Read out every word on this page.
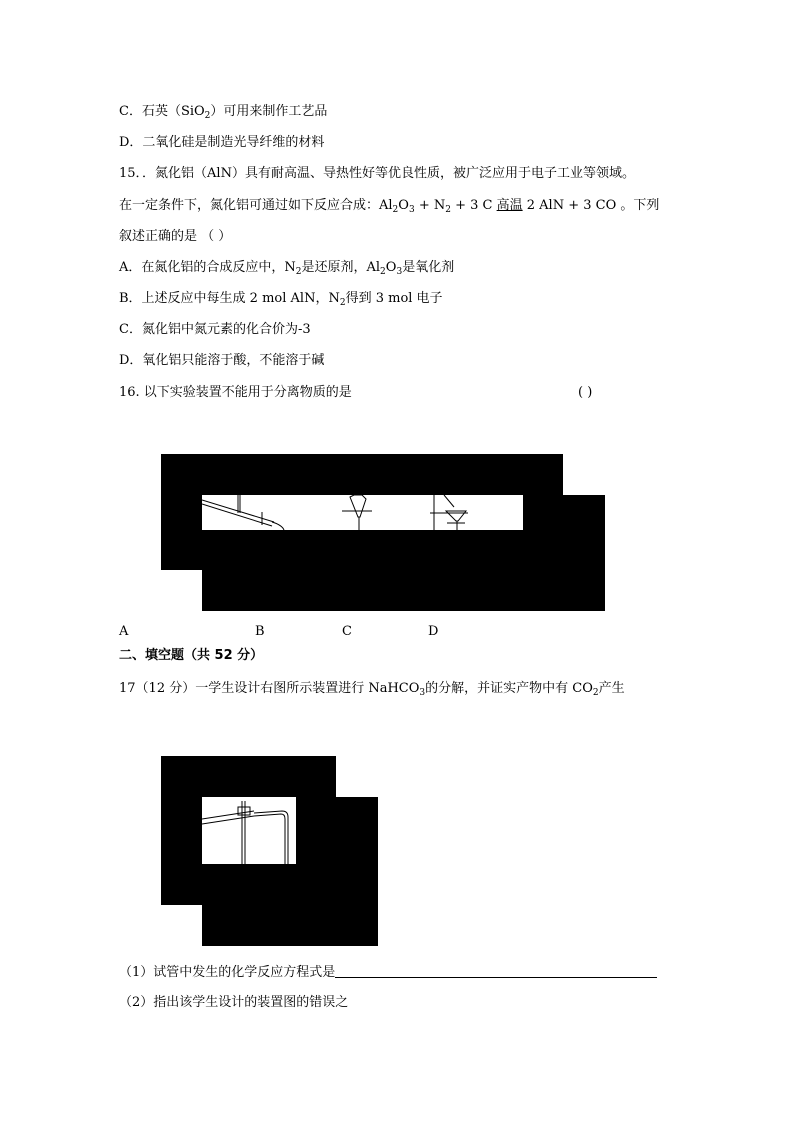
C．石英（SiO$_2$）可用来制作工艺品
D．二氧化硅是制造光导纤维的材料
15．．氮化铝（AlN）具有耐高温、导热性好等优良性质，被广泛应用于电子工业等领域。
在一定条件下，氮化铝可通过如下反应合成：$Al_2O_3 + N_2 + 3$ C 高温 2 AlN + 3 CO 。下列
叙述正确的是 （ ）
A．在氮化铝的合成反应中，$N_2$是还原剂，$Al_2O_3$是氧化剂
B．上述反应中每生成 2 mol AlN，$N_2$得到 3 mol 电子
C．氮化铝中氮元素的化合价为-3
D．氧化铝只能溶于酸，不能溶于碱
16. 以下实验装置不能用于分离物质的是	( )
A	B	C	D
二、填空题（共 52 分）
17（12 分）一学生设计右图所示装置进行 NaHCO$_3$的分解，并证实产物中有 $CO_2$产生
（1）试管中发生的化学反应方程式是
（2）指出该学生设计的装置图的错误之
